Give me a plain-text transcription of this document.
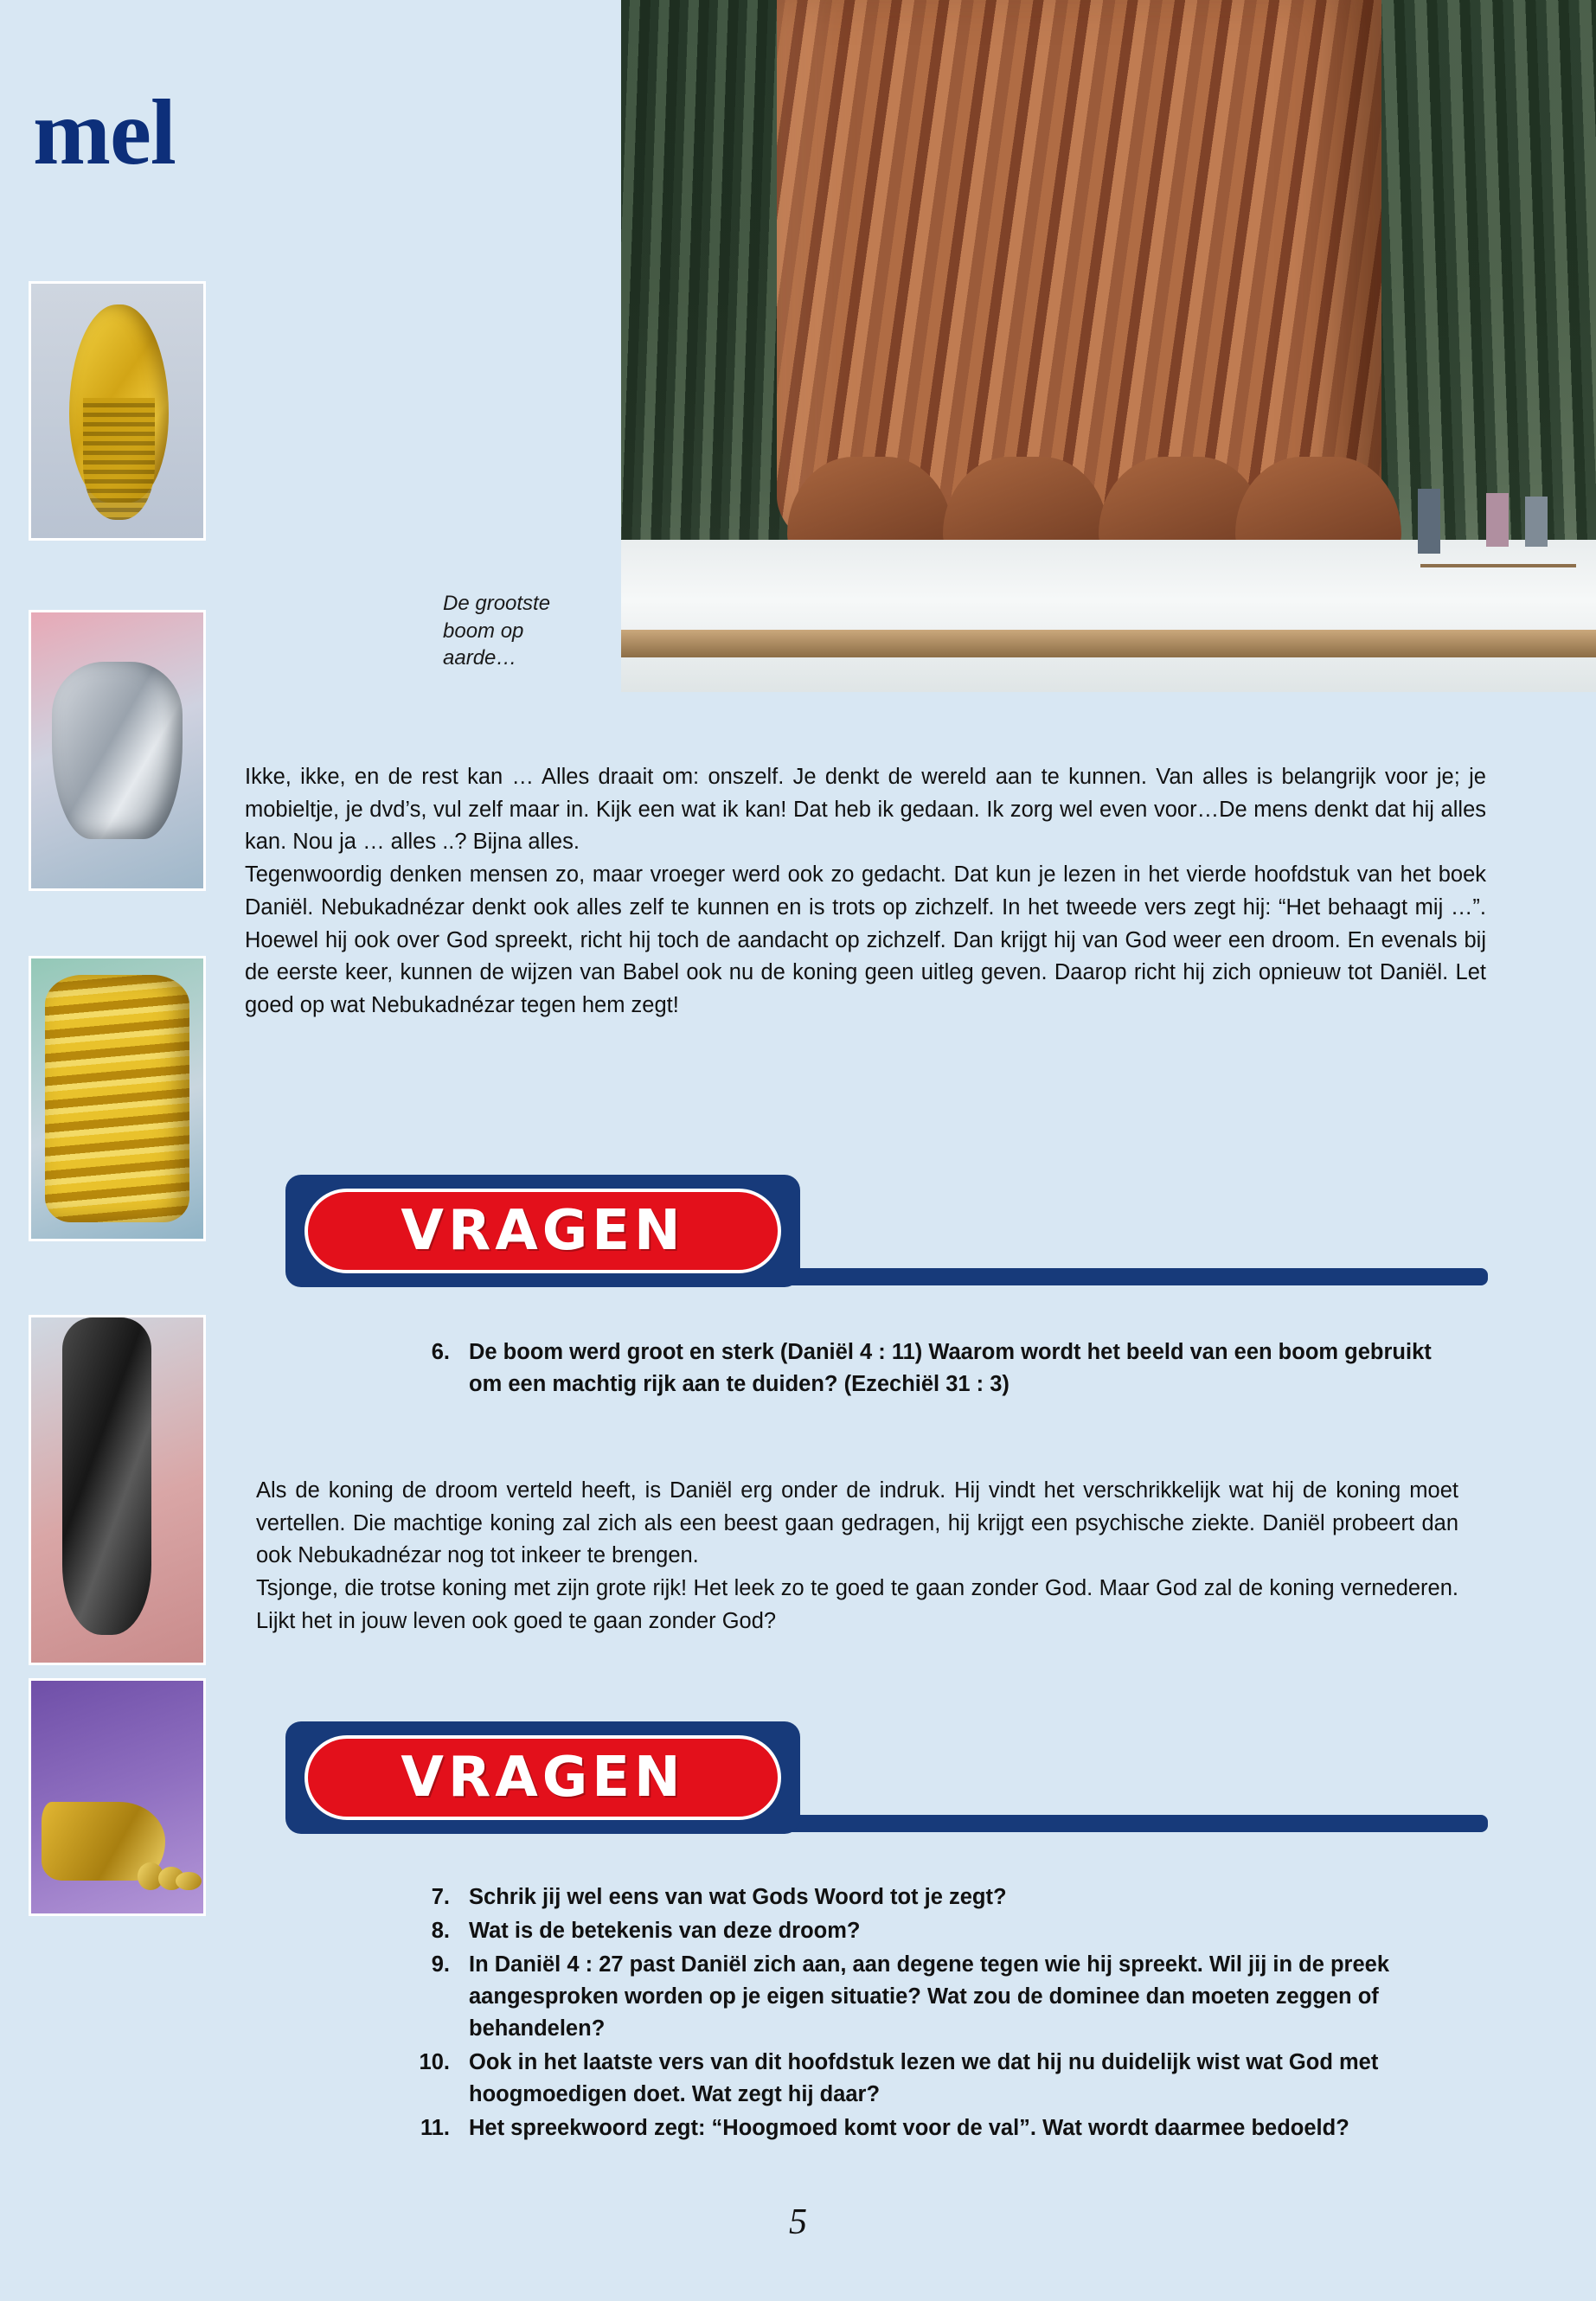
mel
De grootste boom op aarde…

Ikke, ikke, en de rest kan … Alles draait om: onszelf. Je denkt de wereld aan te kunnen. Van alles is belangrijk voor je; je mobieltje, je dvd’s, vul zelf maar in. Kijk een wat ik kan! Dat heb ik gedaan. Ik zorg wel even voor…De mens denkt dat hij alles kan. Nou ja … alles ..? Bijna alles.

Tegenwoordig denken mensen zo, maar vroeger werd ook zo gedacht. Dat kun je lezen in het vierde hoofdstuk van het boek Daniël. Nebukadnézar denkt ook alles zelf te kunnen en is trots op zichzelf. In het tweede vers zegt hij: “Het behaagt mij …”. Hoewel hij ook over God spreekt, richt hij toch de aandacht op zichzelf. Dan krijgt hij van God weer een droom. En evenals bij de eerste keer, kunnen de wijzen van Babel ook nu de koning geen uitleg geven. Daarop richt hij zich opnieuw tot Daniël. Let goed op wat Nebukadnézar tegen hem zegt!

VRAGEN
6. De boom werd groot en sterk (Daniël 4 : 11) Waarom wordt het beeld van een boom gebruikt om een machtig rijk aan te duiden? (Ezechiël 31 : 3)

Als de koning de droom verteld heeft, is Daniël erg onder de indruk. Hij vindt het verschrikkelijk wat hij de koning moet vertellen. Die machtige koning zal zich als een beest gaan gedragen, hij krijgt een psychische ziekte. Daniël probeert dan ook Nebukadnézar nog tot inkeer te brengen.

Tsjonge, die trotse koning met zijn grote rijk! Het leek zo te goed te gaan zonder God. Maar God zal de koning vernederen. Lijkt het in jouw leven ook goed te gaan zonder God?

VRAGEN
7. Schrik jij wel eens van wat Gods Woord tot je zegt?
8. Wat is de betekenis van deze droom?
9. In Daniël 4 : 27 past Daniël zich aan, aan degene tegen wie hij spreekt. Wil jij in de preek aangesproken worden op je eigen situatie? Wat zou de dominee dan moeten zeggen of behandelen?
10. Ook in het laatste vers van dit hoofdstuk lezen we dat hij nu duidelijk wist wat God met hoogmoedigen doet. Wat zegt hij daar?
11. Het spreekwoord zegt: “Hoogmoed komt voor de val”. Wat wordt daarmee bedoeld?
5
